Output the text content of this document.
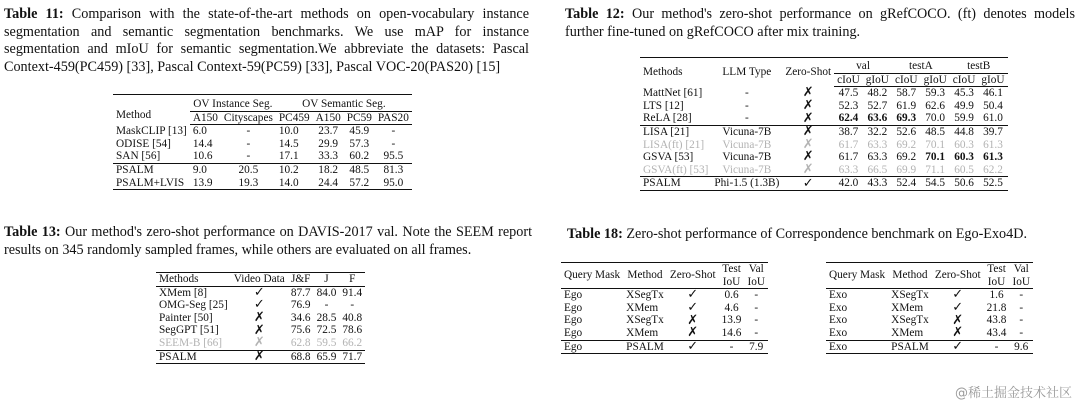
Table 11: Comparison with the state-of-the-art methods on open-vocabulary instance segmentation and semantic segmentation benchmarks. We use mAP for instance segmentation and mIoU for semantic segmentation.We abbreviate the datasets: Pascal Context-459(PC459) [33], Pascal Context-59(PC59) [33], Pascal VOC-20(PAS20) [15]
Method	OV Instance Seg.		OV Semantic Seg.			
	A150	Cityscapes	PC459	A150	PC59	PAS20
MaskCLIP [13]	6.0	-	10.0	23.7	45.9	-
ODISE [54]	14.4	-	14.5	29.9	57.3	-
SAN [56]	10.6	-	17.1	33.3	60.2	95.5
PSALM	9.0	20.5	10.2	18.2	48.5	81.3
PSALM+LVIS	13.9	19.3	14.0	24.4	57.2	95.0
Table 12: Our method's zero-shot performance on gRefCOCO. (ft) denotes models further fine-tuned on gRefCOCO after mix training.
Methods	LLM Type	Zero-Shot	val		testA		testB	
			cIoU	gIoU	cIoU	gIoU	cIoU	gIoU
MattNet [61]	-	✗	47.5	48.2	58.7	59.3	45.3	46.1
LTS [12]	-	✗	52.3	52.7	61.9	62.6	49.9	50.4
ReLA [28]	-	✗	62.4	63.6	69.3	70.0	59.9	61.0
LISA [21]	Vicuna-7B	✗	38.7	32.2	52.6	48.5	44.8	39.7
LISA(ft) [21]	Vicuna-7B	✗	61.7	63.3	69.2	70.1	60.3	61.3
GSVA [53]	Vicuna-7B	✗	61.7	63.3	69.2	70.1	60.3	61.3
GSVA(ft) [53]	Vicuna-7B	✗	63.3	66.5	69.9	71.1	60.5	62.2
PSALM	Phi-1.5 (1.3B)	✓	42.0	43.3	52.4	54.5	50.6	52.5
Table 13: Our method's zero-shot performance on DAVIS-2017 val. Note the SEEM report results on 345 randomly sampled frames, while others are evaluated on all frames.
Methods	Video Data	J&F	J	F
XMem [8]	✓	87.7	84.0	91.4
OMG-Seg [25]	✓	76.9	-	-
Painter [50]	✗	34.6	28.5	40.8
SegGPT [51]	✗	75.6	72.5	78.6
SEEM-B [66]	✗	62.8	59.5	66.2
PSALM	✗	68.8	65.9	71.7
Table 18: Zero-shot performance of Correspondence benchmark on Ego-Exo4D.
Query Mask	Method	Zero-Shot	Test	Val
			IoU	IoU
Ego	XSegTx	✓	0.6	-
Ego	XMem	✓	4.6	-
Ego	XSegTx	✗	13.9	-
Ego	XMem	✗	14.6	-
Ego	PSALM	✓	-	7.9
Query Mask	Method	Zero-Shot	Test	Val
			IoU	IoU
Exo	XSegTx	✓	1.6	-
Exo	XMem	✓	21.8	-
Exo	XSegTx	✗	43.8	-
Exo	XMem	✗	43.4	-
Exo	PSALM	✓	-	9.6
@稀土掘金技术社区
